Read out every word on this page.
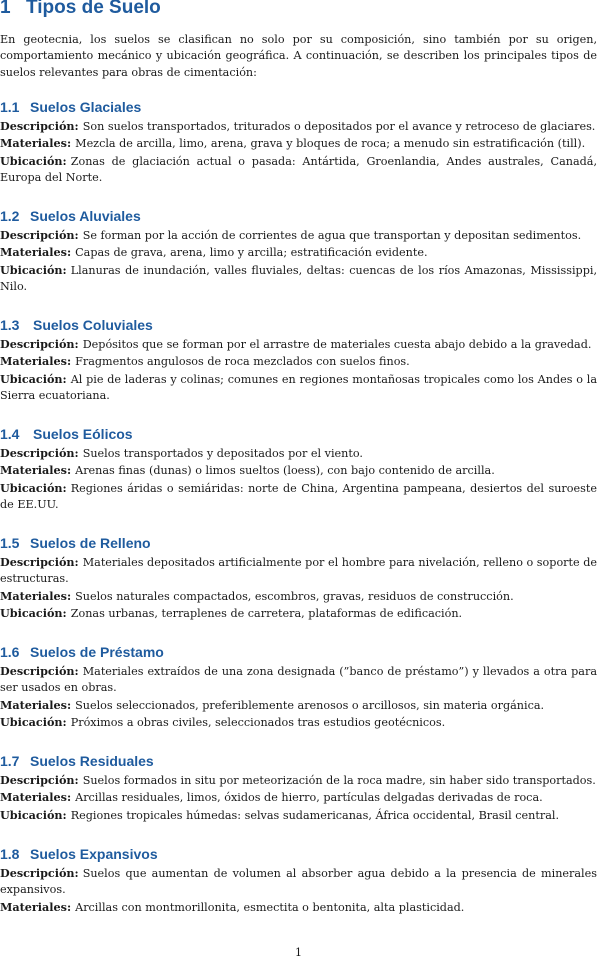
1 Tipos de Suelo

En geotecnia, los suelos se clasifican no solo por su composición, sino también por su origen, comportamiento mecánico y ubicación geográfica. A continuación, se describen los principales tipos de suelos relevantes para obras de cimentación:

1.1 Suelos Glaciales

Descripción: Son suelos transportados, triturados o depositados por el avance y retroceso de glaciares.

Materiales: Mezcla de arcilla, limo, arena, grava y bloques de roca; a menudo sin estratificación (till).

Ubicación: Zonas de glaciación actual o pasada: Antártida, Groenlandia, Andes australes, Canadá, Europa del Norte.

1.2 Suelos Aluviales

Descripción: Se forman por la acción de corrientes de agua que transportan y depositan sedimentos.

Materiales: Capas de grava, arena, limo y arcilla; estratificación evidente.

Ubicación: Llanuras de inundación, valles fluviales, deltas: cuencas de los ríos Amazonas, Mississippi, Nilo.

1.3 Suelos Coluviales

Descripción: Depósitos que se forman por el arrastre de materiales cuesta abajo debido a la gravedad.

Materiales: Fragmentos angulosos de roca mezclados con suelos finos.

Ubicación: Al pie de laderas y colinas; comunes en regiones montañosas tropicales como los Andes o la Sierra ecuatoriana.

1.4 Suelos Eólicos

Descripción: Suelos transportados y depositados por el viento.

Materiales: Arenas finas (dunas) o limos sueltos (loess), con bajo contenido de arcilla.

Ubicación: Regiones áridas o semiáridas: norte de China, Argentina pampeana, desiertos del suroeste de EE.UU.

1.5 Suelos de Relleno

Descripción: Materiales depositados artificialmente por el hombre para nivelación, relleno o soporte de estructuras.

Materiales: Suelos naturales compactados, escombros, gravas, residuos de construcción.

Ubicación: Zonas urbanas, terraplenes de carretera, plataformas de edificación.

1.6 Suelos de Préstamo

Descripción: Materiales extraídos de una zona designada (”banco de préstamo”) y llevados a otra para ser usados en obras.

Materiales: Suelos seleccionados, preferiblemente arenosos o arcillosos, sin materia orgánica.

Ubicación: Próximos a obras civiles, seleccionados tras estudios geotécnicos.

1.7 Suelos Residuales

Descripción: Suelos formados in situ por meteorización de la roca madre, sin haber sido transportados.

Materiales: Arcillas residuales, limos, óxidos de hierro, partículas delgadas derivadas de roca.

Ubicación: Regiones tropicales húmedas: selvas sudamericanas, África occidental, Brasil central.

1.8 Suelos Expansivos

Descripción: Suelos que aumentan de volumen al absorber agua debido a la presencia de minerales expansivos.

Materiales: Arcillas con montmorillonita, esmectita o bentonita, alta plasticidad.

1
